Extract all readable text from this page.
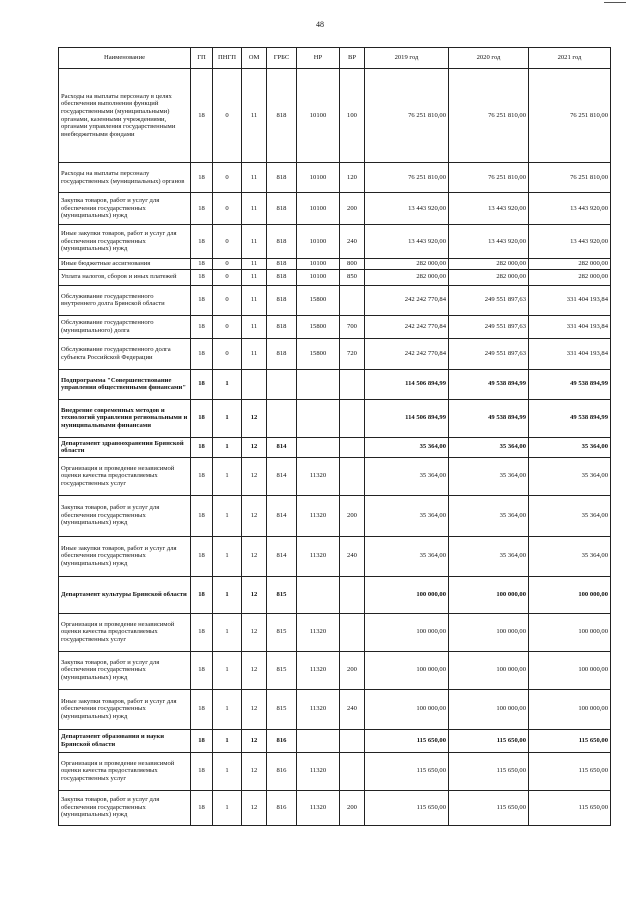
48
Наименование	ГП	ПНГП	ОМ	ГРБС	НР	ВР	2019 год	2020 год	2021 год
Расходы на выплаты персоналу в целях обеспечения выполнения функций государственными (муниципальными) органами, казенными учреждениями, органами управления государственными внебюджетными фондами	18	0	11	818	10100	100	76 251 810,00	76 251 810,00	76 251 810,00
Расходы на выплаты персоналу государственных (муниципальных) органов	18	0	11	818	10100	120	76 251 810,00	76 251 810,00	76 251 810,00
Закупка товаров, работ и услуг для обеспечения государственных (муниципальных) нужд	18	0	11	818	10100	200	13 443 920,00	13 443 920,00	13 443 920,00
Иные закупки товаров, работ и услуг для обеспечения государственных (муниципальных) нужд	18	0	11	818	10100	240	13 443 920,00	13 443 920,00	13 443 920,00
Иные бюджетные ассигнования	18	0	11	818	10100	800	282 000,00	282 000,00	282 000,00
Уплата налогов, сборов и иных платежей	18	0	11	818	10100	850	282 000,00	282 000,00	282 000,00
Обслуживание государственного внутреннего долга Брянской области	18	0	11	818	15800		242 242 770,84	249 551 897,63	331 404 193,84
Обслуживание государственного (муниципального) долга	18	0	11	818	15800	700	242 242 770,84	249 551 897,63	331 404 193,84
Обслуживание государственного долга субъекта Российской Федерации	18	0	11	818	15800	720	242 242 770,84	249 551 897,63	331 404 193,84
Подпрограмма "Совершенствование управления общественными финансами"	18	1					114 506 894,99	49 538 894,99	49 538 894,99
Внедрение современных методов и технологий управления региональными и муниципальными финансами	18	1	12				114 506 894,99	49 538 894,99	49 538 894,99
Департамент здравоохранения Брянской области	18	1	12	814			35 364,00	35 364,00	35 364,00
Организация и проведение независимой оценки качества предоставляемых государственных услуг	18	1	12	814	11320		35 364,00	35 364,00	35 364,00
Закупка товаров, работ и услуг для обеспечения государственных (муниципальных) нужд	18	1	12	814	11320	200	35 364,00	35 364,00	35 364,00
Иные закупки товаров, работ и услуг для обеспечения государственных (муниципальных) нужд	18	1	12	814	11320	240	35 364,00	35 364,00	35 364,00
Департамент культуры Брянской области	18	1	12	815			100 000,00	100 000,00	100 000,00
Организация и проведение независимой оценки качества предоставляемых государственных услуг	18	1	12	815	11320		100 000,00	100 000,00	100 000,00
Закупка товаров, работ и услуг для обеспечения государственных (муниципальных) нужд	18	1	12	815	11320	200	100 000,00	100 000,00	100 000,00
Иные закупки товаров, работ и услуг для обеспечения государственных (муниципальных) нужд	18	1	12	815	11320	240	100 000,00	100 000,00	100 000,00
Департамент образования и науки Брянской области	18	1	12	816			115 650,00	115 650,00	115 650,00
Организация и проведение независимой оценки качества предоставляемых государственных услуг	18	1	12	816	11320		115 650,00	115 650,00	115 650,00
Закупка товаров, работ и услуг для обеспечения государственных (муниципальных) нужд	18	1	12	816	11320	200	115 650,00	115 650,00	115 650,00
